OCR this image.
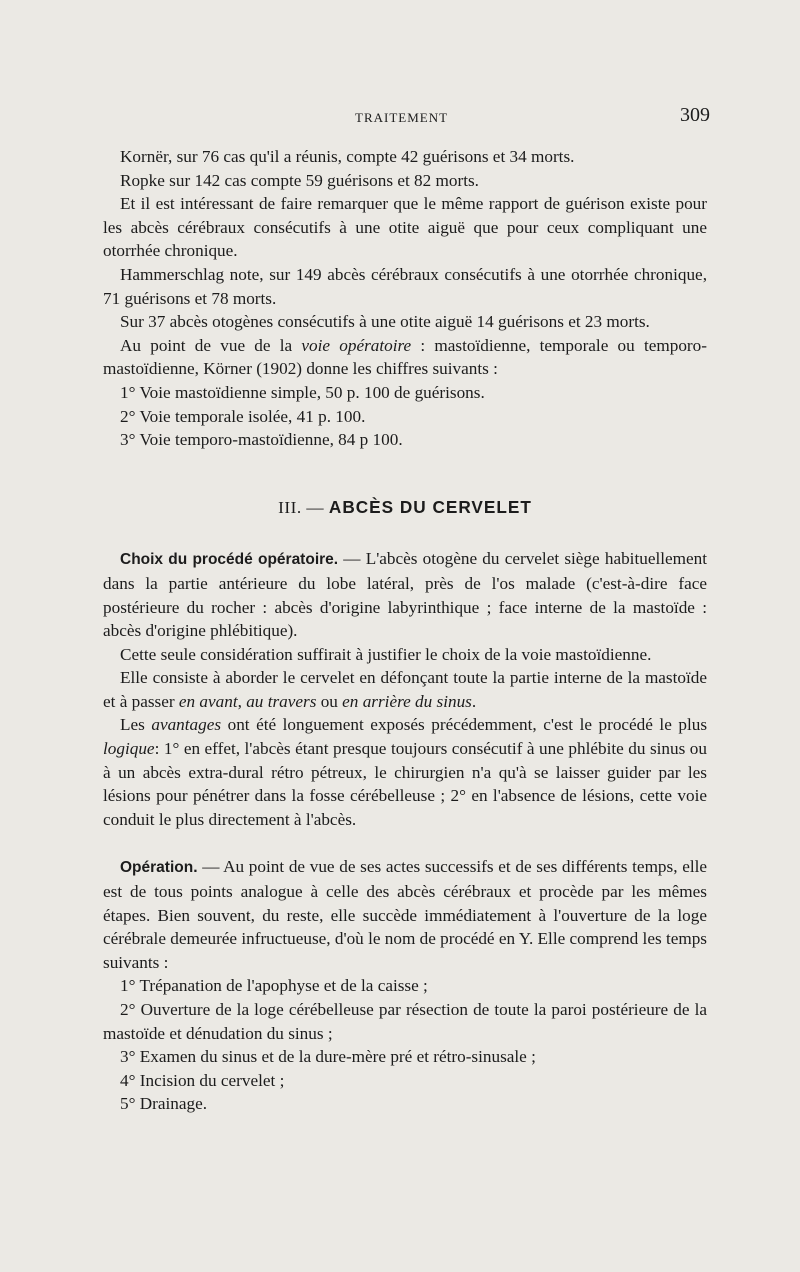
TRAITEMENT	309

Kornër, sur 76 cas qu'il a réunis, compte 42 guérisons et 34 morts.

Ropke sur 142 cas compte 59 guérisons et 82 morts.

Et il est intéressant de faire remarquer que le même rapport de guérison existe pour les abcès cérébraux consécutifs à une otite aiguë que pour ceux compliquant une otorrhée chronique.

Hammerschlag note, sur 149 abcès cérébraux consécutifs à une otorrhée chronique, 71 guérisons et 78 morts.

Sur 37 abcès otogènes consécutifs à une otite aiguë 14 guérisons et 23 morts.

Au point de vue de la voie opératoire : mastoïdienne, temporale ou temporo-mastoïdienne, Körner (1902) donne les chiffres suivants :

1° Voie mastoïdienne simple, 50 p. 100 de guérisons.

2° Voie temporale isolée, 41 p. 100.

3° Voie temporo-mastoïdienne, 84 p 100.

III. — ABCÈS DU CERVELET

Choix du procédé opératoire. — L'abcès otogène du cervelet siège habituellement dans la partie antérieure du lobe latéral, près de l'os malade (c'est-à-dire face postérieure du rocher : abcès d'origine labyrinthique ; face interne de la mastoïde : abcès d'origine phlébitique).

Cette seule considération suffirait à justifier le choix de la voie mastoïdienne.

Elle consiste à aborder le cervelet en défonçant toute la partie interne de la mastoïde et à passer en avant, au travers ou en arrière du sinus.

Les avantages ont été longuement exposés précédemment, c'est le procédé le plus logique: 1° en effet, l'abcès étant presque toujours consécutif à une phlébite du sinus ou à un abcès extra-dural rétro pétreux, le chirurgien n'a qu'à se laisser guider par les lésions pour pénétrer dans la fosse cérébelleuse ; 2° en l'absence de lésions, cette voie conduit le plus directement à l'abcès.

Opération. — Au point de vue de ses actes successifs et de ses différents temps, elle est de tous points analogue à celle des abcès cérébraux et procède par les mêmes étapes. Bien souvent, du reste, elle succède immédiatement à l'ouverture de la loge cérébrale demeurée infructueuse, d'où le nom de procédé en Y. Elle comprend les temps suivants :

1° Trépanation de l'apophyse et de la caisse ;

2° Ouverture de la loge cérébelleuse par résection de toute la paroi postérieure de la mastoïde et dénudation du sinus ;

3° Examen du sinus et de la dure-mère pré et rétro-sinusale ;

4° Incision du cervelet ;

5° Drainage.
